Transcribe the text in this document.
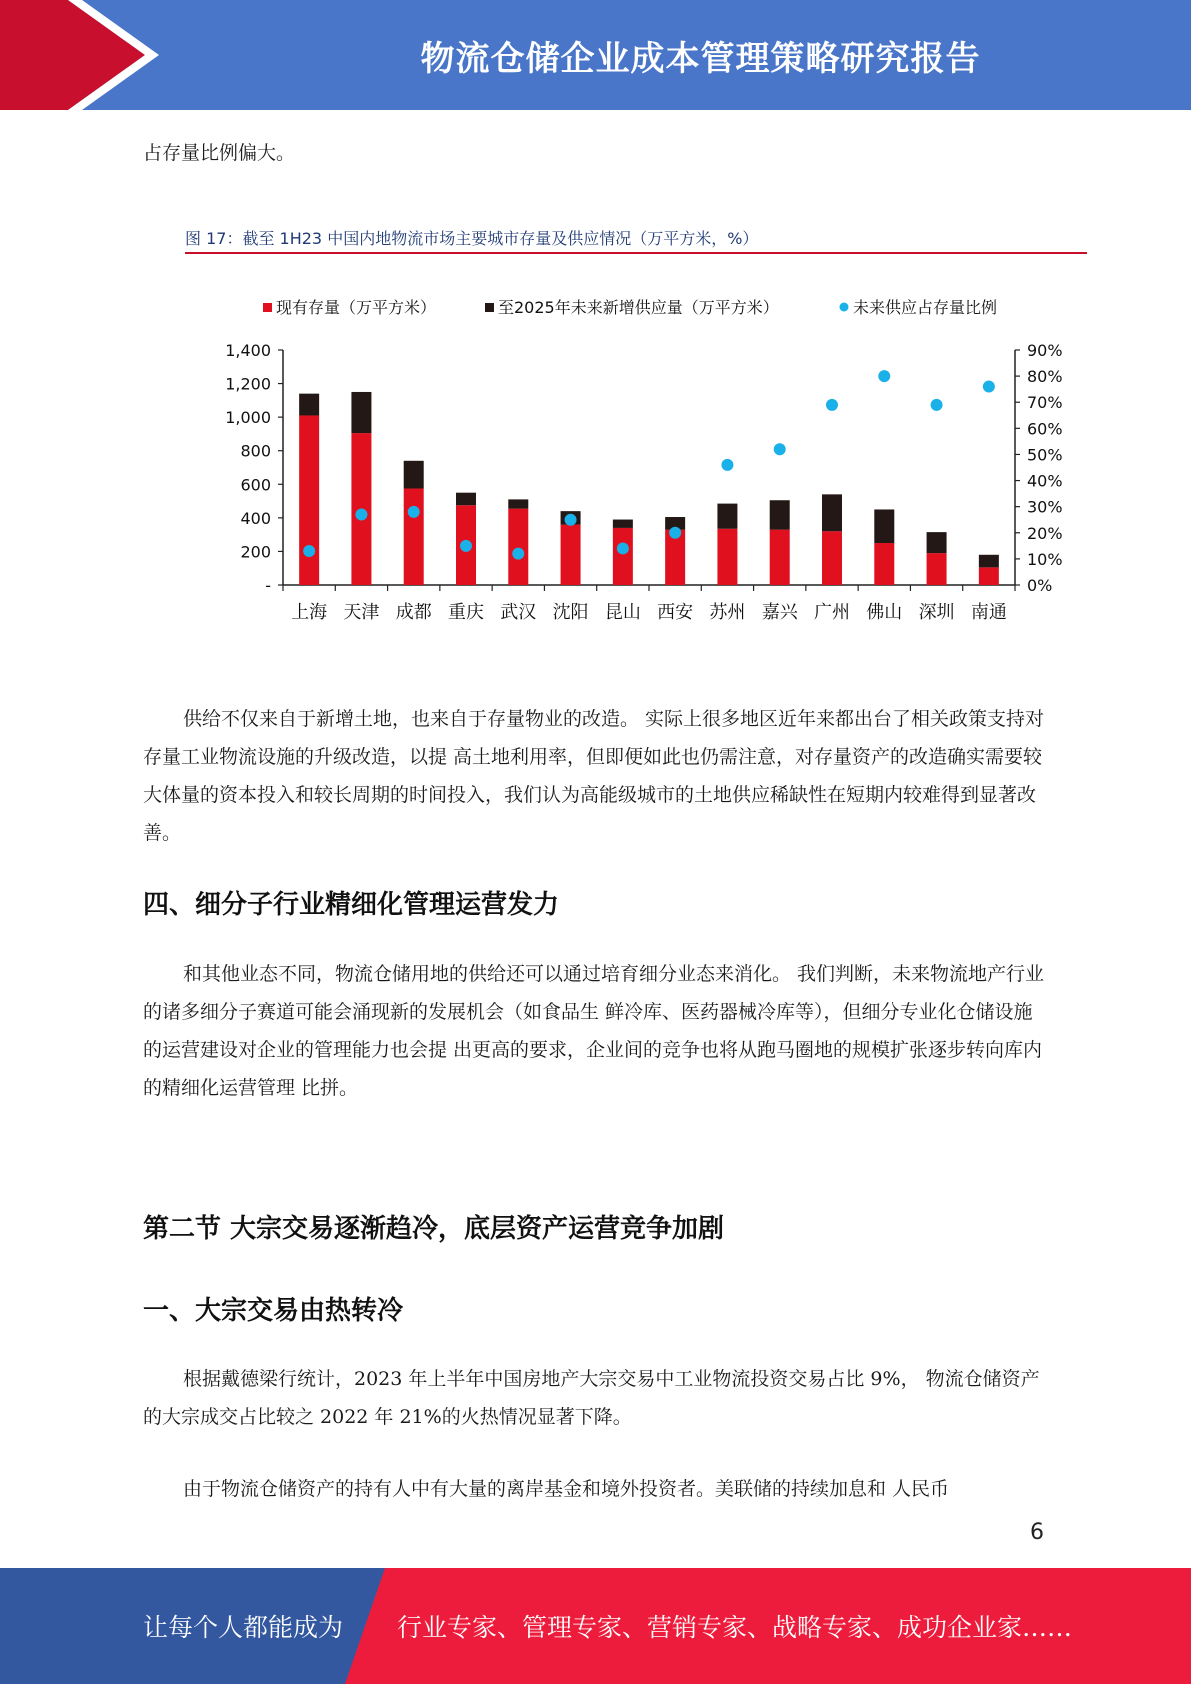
物流仓储企业成本管理策略研究报告

占存量比例偏大。

图 17：截至 1H23 中国内地物流市场主要城市存量及供应情况（万平方米，%）

现有存量（万平方米）	至2025年未来新增供应量（万平方米）	未来供应占存量比例
-
200
400
600
800
1,000
1,200
1,400
0%
10%
20%
30%
40%
50%
60%
70%
80%
90%
上海 天津 成都 重庆 武汉 沈阳 昆山 西安 苏州 嘉兴 广州 佛山 深圳 南通

供给不仅来自于新增土地，也来自于存量物业的改造。 实际上很多地区近年来都出台了相关政策支持对存量工业物流设施的升级改造，以提 高土地利用率，但即便如此也仍需注意，对存量资产的改造确实需要较大体量的资本投入和较长周期的时间投入，我们认为高能级城市的土地供应稀缺性在短期内较难得到显著改 善。

四、细分子行业精细化管理运营发力

和其他业态不同，物流仓储用地的供给还可以通过培育细分业态来消化。 我们判断，未来物流地产行业的诸多细分子赛道可能会涌现新的发展机会（如食品生 鲜冷库、医药器械冷库等），但细分专业化仓储设施的运营建设对企业的管理能力也会提 出更高的要求，企业间的竞争也将从跑马圈地的规模扩张逐步转向库内的精细化运营管理 比拼。

第二节 大宗交易逐渐趋冷，底层资产运营竞争加剧
一、大宗交易由热转冷

根据戴德梁行统计，2023 年上半年中国房地产大宗交易中工业物流投资交易占比 9%， 物流仓储资产的大宗成交占比较之 2022 年 21%的火热情况显著下降。

由于物流仓储资产的持有人中有大量的离岸基金和境外投资者。美联储的持续加息和 人民币

6
让每个人都能成为 行业专家、管理专家、营销专家、战略专家、成功企业家……
